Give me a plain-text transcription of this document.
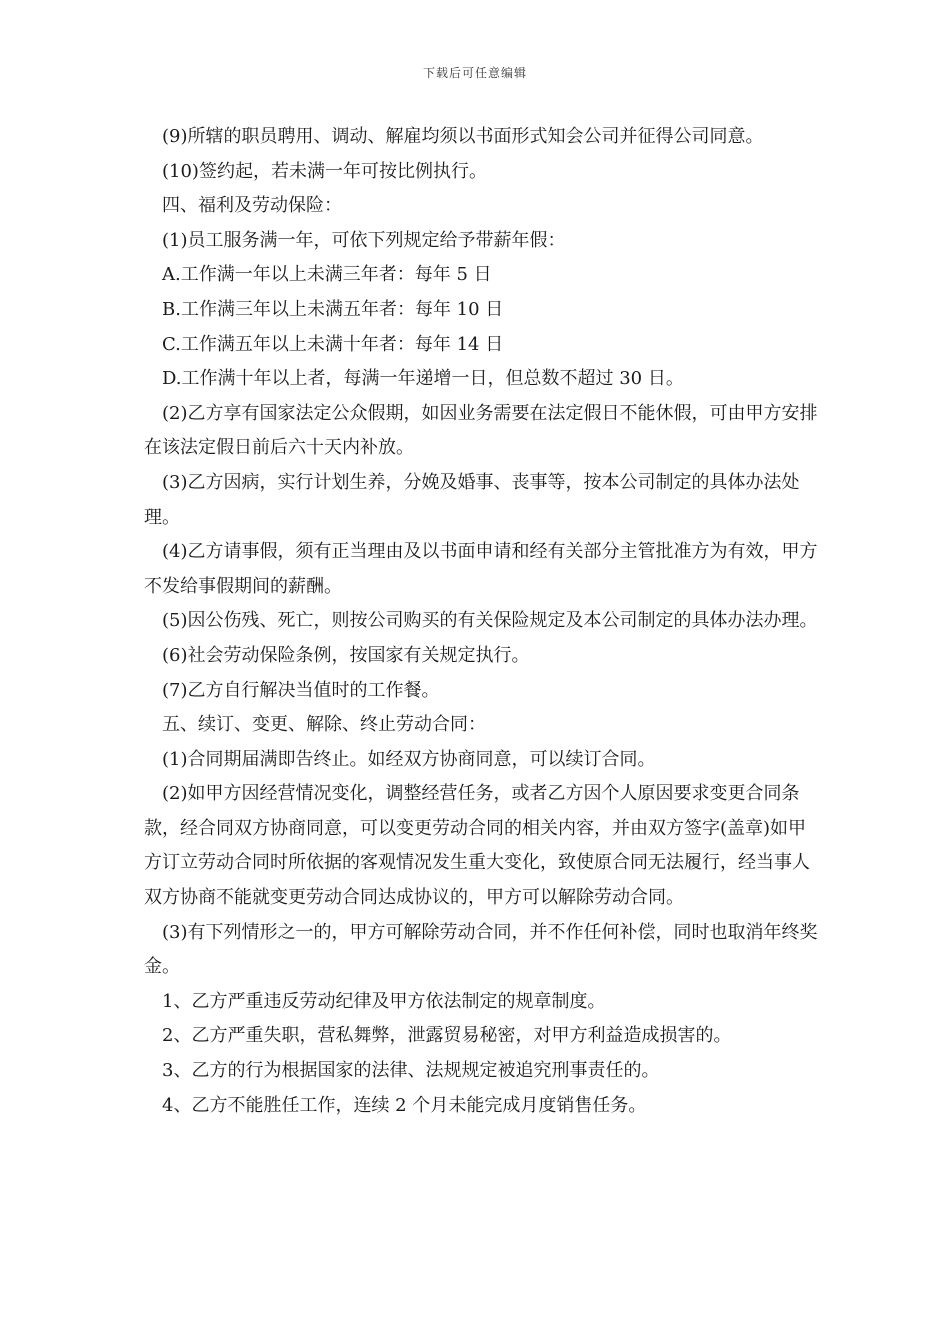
下载后可任意编辑

(9)所辖的职员聘用、调动、解雇均须以书面形式知会公司并征得公司同意。

(10)签约起，若未满一年可按比例执行。

四、福利及劳动保险：

(1)员工服务满一年，可依下列规定给予带薪年假：

A.工作满一年以上未满三年者：每年 5 日

B.工作满三年以上未满五年者：每年 10 日

C.工作满五年以上未满十年者：每年 14 日

D.工作满十年以上者，每满一年递增一日，但总数不超过 30 日。

(2)乙方享有国家法定公众假期，如因业务需要在法定假日不能休假，可由甲方安排在该法定假日前后六十天内补放。

(3)乙方因病，实行计划生养，分娩及婚事、丧事等，按本公司制定的具体办法处理。

(4)乙方请事假，须有正当理由及以书面申请和经有关部分主管批准方为有效，甲方不发给事假期间的薪酬。

(5)因公伤残、死亡，则按公司购买的有关保险规定及本公司制定的具体办法办理。

(6)社会劳动保险条例，按国家有关规定执行。

(7)乙方自行解决当值时的工作餐。

五、续订、变更、解除、终止劳动合同：

(1)合同期届满即告终止。如经双方协商同意，可以续订合同。

(2)如甲方因经营情况变化，调整经营任务，或者乙方因个人原因要求变更合同条款，经合同双方协商同意，可以变更劳动合同的相关内容，并由双方签字(盖章)如甲方订立劳动合同时所依据的客观情况发生重大变化，致使原合同无法履行，经当事人双方协商不能就变更劳动合同达成协议的，甲方可以解除劳动合同。

(3)有下列情形之一的，甲方可解除劳动合同，并不作任何补偿，同时也取消年终奖金。

1、乙方严重违反劳动纪律及甲方依法制定的规章制度。

2、乙方严重失职，营私舞弊，泄露贸易秘密，对甲方利益造成损害的。

3、乙方的行为根据国家的法律、法规规定被追究刑事责任的。

4、乙方不能胜任工作，连续 2 个月未能完成月度销售任务。
